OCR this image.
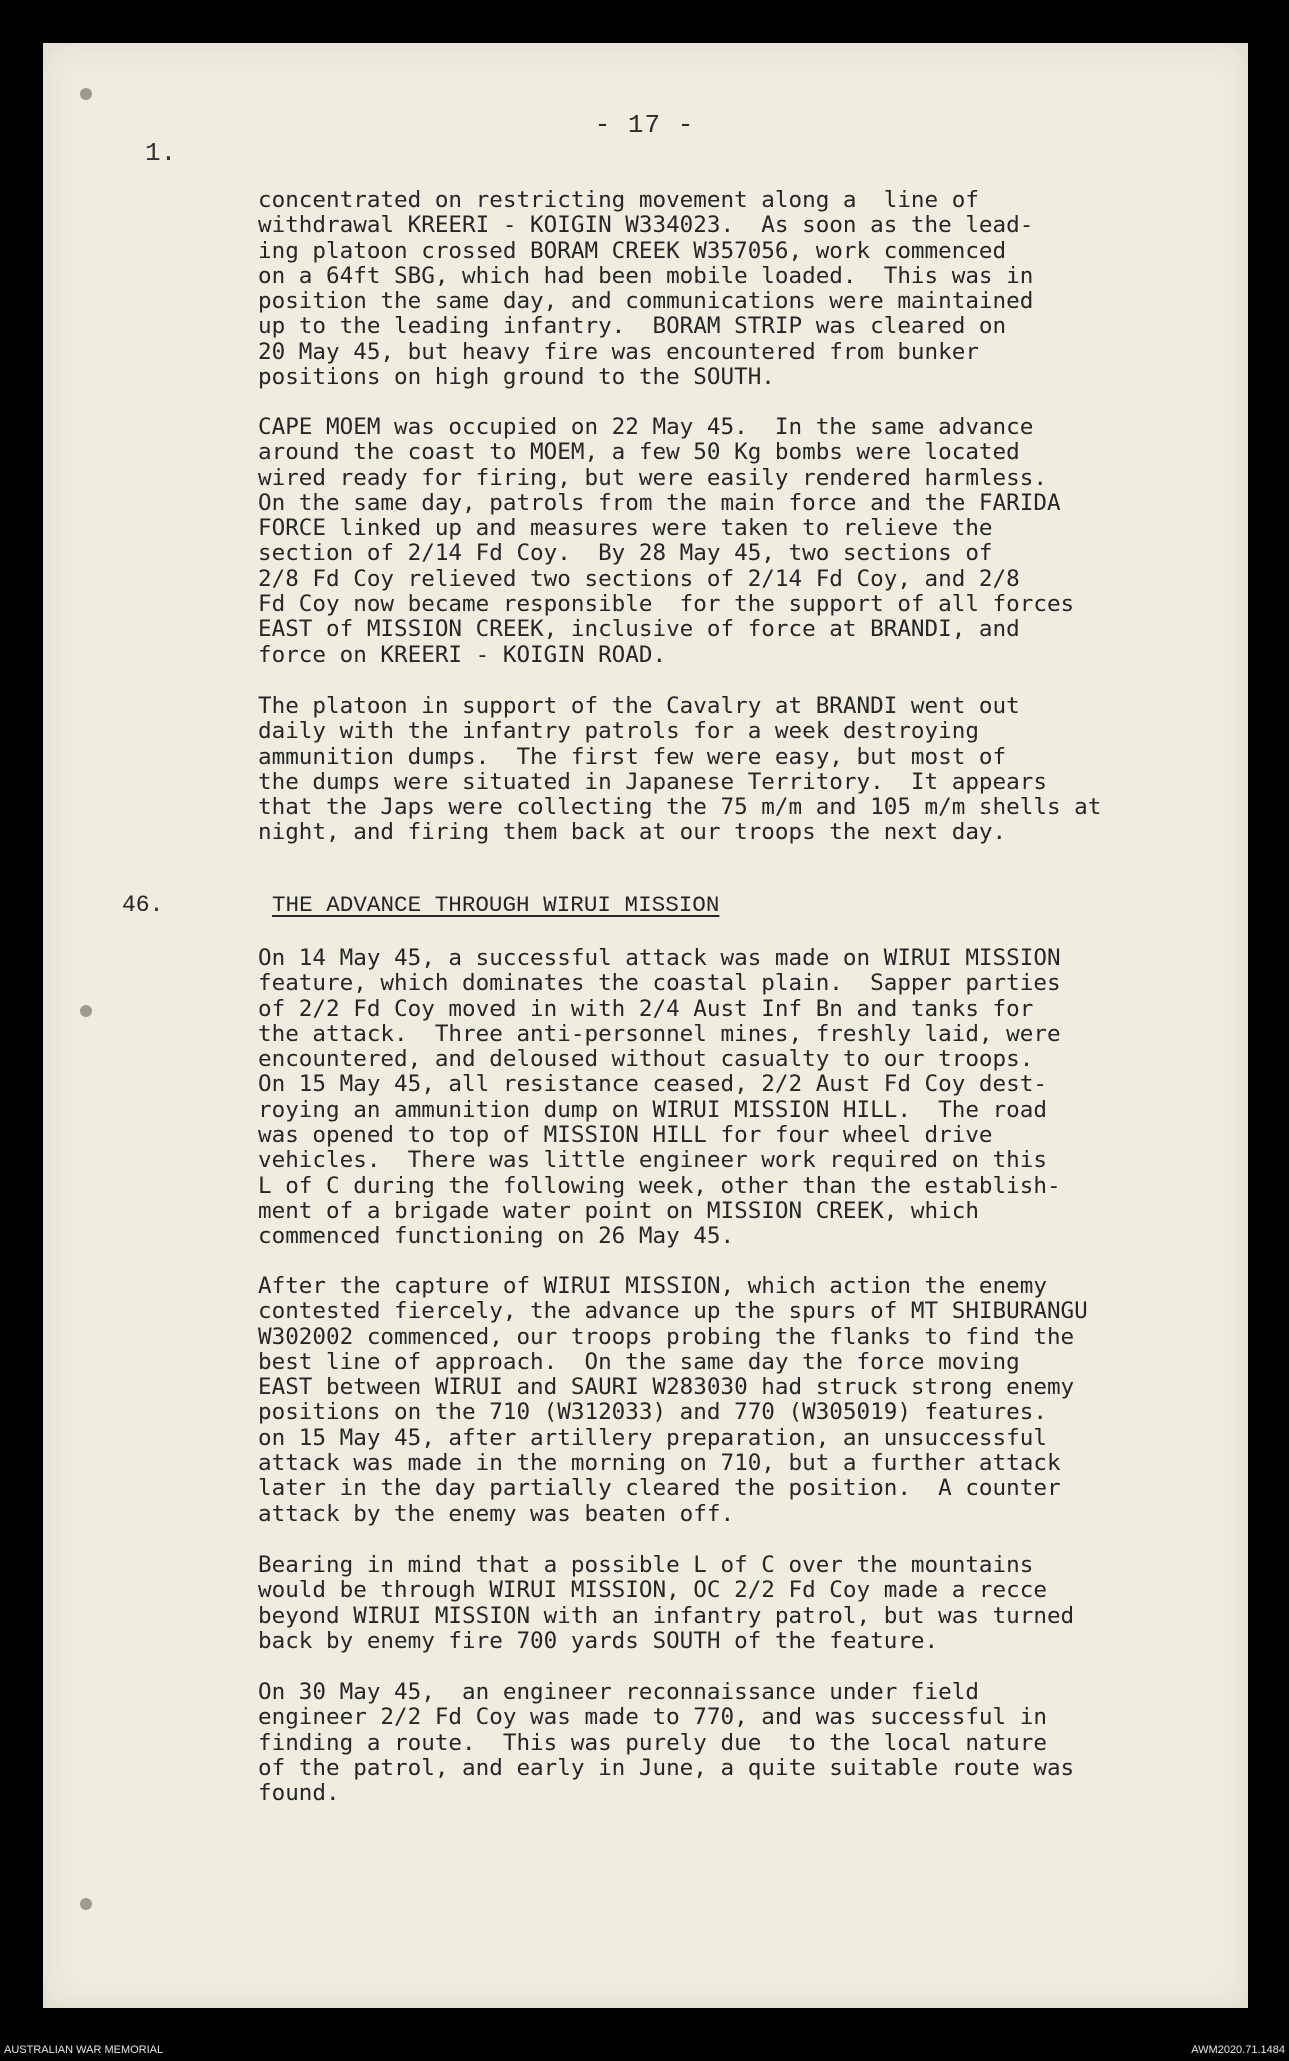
- 17 -
1.
concentrated on restricting movement along a  line of
withdrawal KREERI - KOIGIN W334023.  As soon as the lead-
ing platoon crossed BORAM CREEK W357056, work commenced
on a 64ft SBG, which had been mobile loaded.  This was in
position the same day, and communications were maintained
up to the leading infantry.  BORAM STRIP was cleared on
20 May 45, but heavy fire was encountered from bunker
positions on high ground to the SOUTH.
CAPE MOEM was occupied on 22 May 45.  In the same advance
around the coast to MOEM, a few 50 Kg bombs were located
wired ready for firing, but were easily rendered harmless.
On the same day, patrols from the main force and the FARIDA
FORCE linked up and measures were taken to relieve the
section of 2/14 Fd Coy.  By 28 May 45, two sections of
2/8 Fd Coy relieved two sections of 2/14 Fd Coy, and 2/8
Fd Coy now became responsible  for the support of all forces
EAST of MISSION CREEK, inclusive of force at BRANDI, and
force on KREERI - KOIGIN ROAD.
The platoon in support of the Cavalry at BRANDI went out
daily with the infantry patrols for a week destroying
ammunition dumps.  The first few were easy, but most of
the dumps were situated in Japanese Territory.  It appears
that the Japs were collecting the 75 m/m and 105 m/m shells at
night, and firing them back at our troops the next day.
46.	THE ADVANCE THROUGH WIRUI MISSION
On 14 May 45, a successful attack was made on WIRUI MISSION
feature, which dominates the coastal plain.  Sapper parties
of 2/2 Fd Coy moved in with 2/4 Aust Inf Bn and tanks for
the attack.  Three anti-personnel mines, freshly laid, were
encountered, and deloused without casualty to our troops.
On 15 May 45, all resistance ceased, 2/2 Aust Fd Coy dest-
roying an ammunition dump on WIRUI MISSION HILL.  The road
was opened to top of MISSION HILL for four wheel drive
vehicles.  There was little engineer work required on this
L of C during the following week, other than the establish-
ment of a brigade water point on MISSION CREEK, which
commenced functioning on 26 May 45.
After the capture of WIRUI MISSION, which action the enemy
contested fiercely, the advance up the spurs of MT SHIBURANGU
W302002 commenced, our troops probing the flanks to find the
best line of approach.  On the same day the force moving
EAST between WIRUI and SAURI W283030 had struck strong enemy
positions on the 710 (W312033) and 770 (W305019) features.
on 15 May 45, after artillery preparation, an unsuccessful
attack was made in the morning on 710, but a further attack
later in the day partially cleared the position.  A counter
attack by the enemy was beaten off.
Bearing in mind that a possible L of C over the mountains
would be through WIRUI MISSION, OC 2/2 Fd Coy made a recce
beyond WIRUI MISSION with an infantry patrol, but was turned
back by enemy fire 700 yards SOUTH of the feature.
On 30 May 45,  an engineer reconnaissance under field
engineer 2/2 Fd Coy was made to 770, and was successful in
finding a route.  This was purely due  to the local nature
of the patrol, and early in June, a quite suitable route was
found.
AUSTRALIAN WAR MEMORIAL	AWM2020.71.1484
